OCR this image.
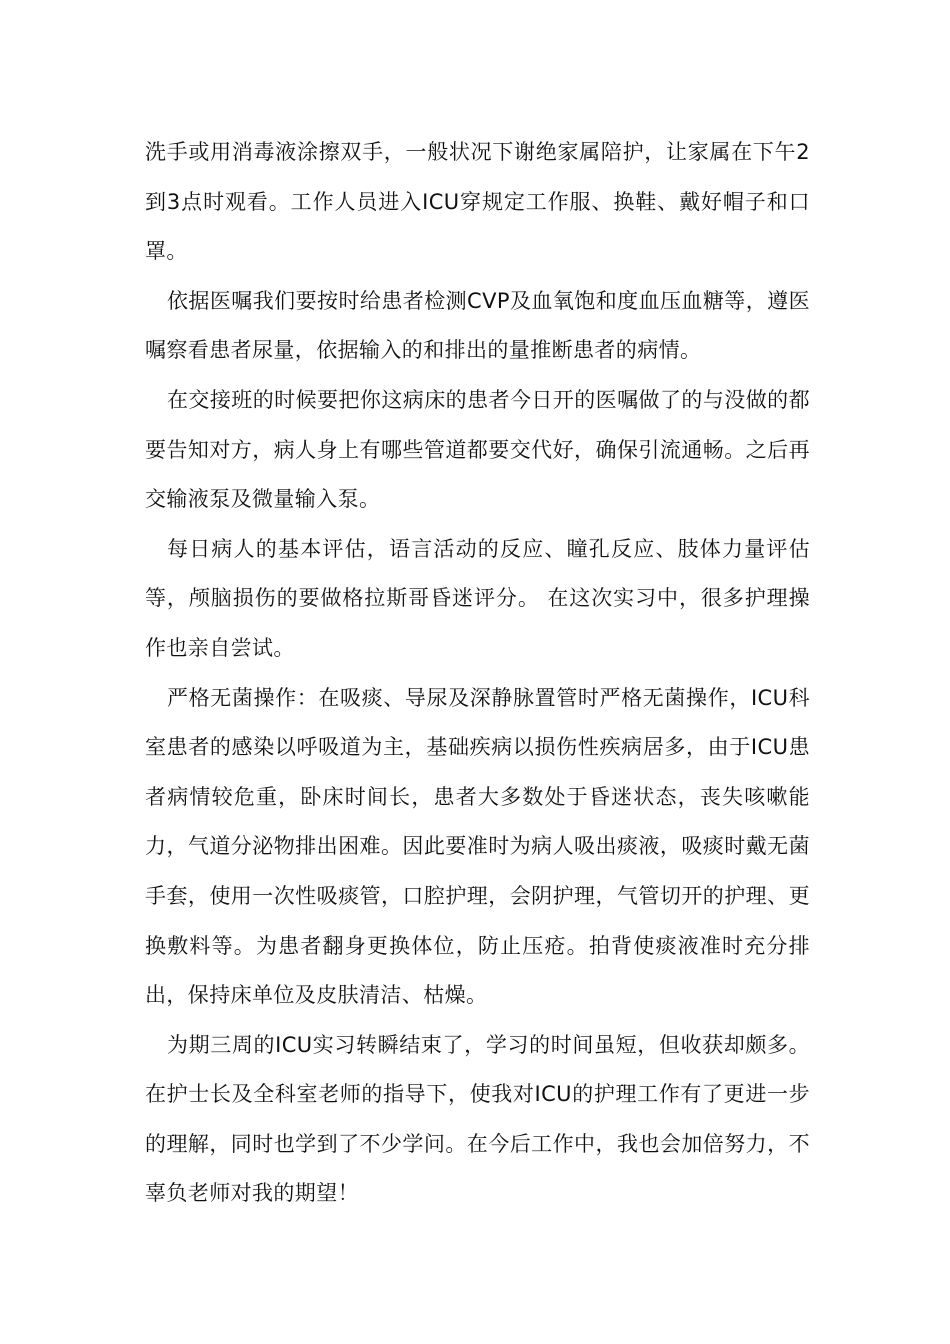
洗手或用消毒液涂擦双手，一般状况下谢绝家属陪护，让家属在下午2到3点时观看。工作人员进入ICU穿规定工作服、换鞋、戴好帽子和口罩。

依据医嘱我们要按时给患者检测CVP及血氧饱和度血压血糖等，遵医嘱察看患者尿量，依据输入的和排出的量推断患者的病情。

在交接班的时候要把你这病床的患者今日开的医嘱做了的与没做的都要告知对方，病人身上有哪些管道都要交代好，确保引流通畅。之后再交输液泵及微量输入泵。

每日病人的基本评估，语言活动的反应、瞳孔反应、肢体力量评估等，颅脑损伤的要做格拉斯哥昏迷评分。 在这次实习中，很多护理操作也亲自尝试。

严格无菌操作：在吸痰、导尿及深静脉置管时严格无菌操作，ICU科室患者的感染以呼吸道为主，基础疾病以损伤性疾病居多，由于ICU患者病情较危重，卧床时间长，患者大多数处于昏迷状态，丧失咳嗽能力，气道分泌物排出困难。因此要准时为病人吸出痰液，吸痰时戴无菌手套，使用一次性吸痰管，口腔护理，会阴护理，气管切开的护理、更换敷料等。为患者翻身更换体位，防止压疮。拍背使痰液准时充分排出，保持床单位及皮肤清洁、枯燥。

为期三周的ICU实习转瞬结束了，学习的时间虽短，但收获却颇多。在护士长及全科室老师的指导下，使我对ICU的护理工作有了更进一步的理解，同时也学到了不少学问。在今后工作中，我也会加倍努力，不辜负老师对我的期望！
